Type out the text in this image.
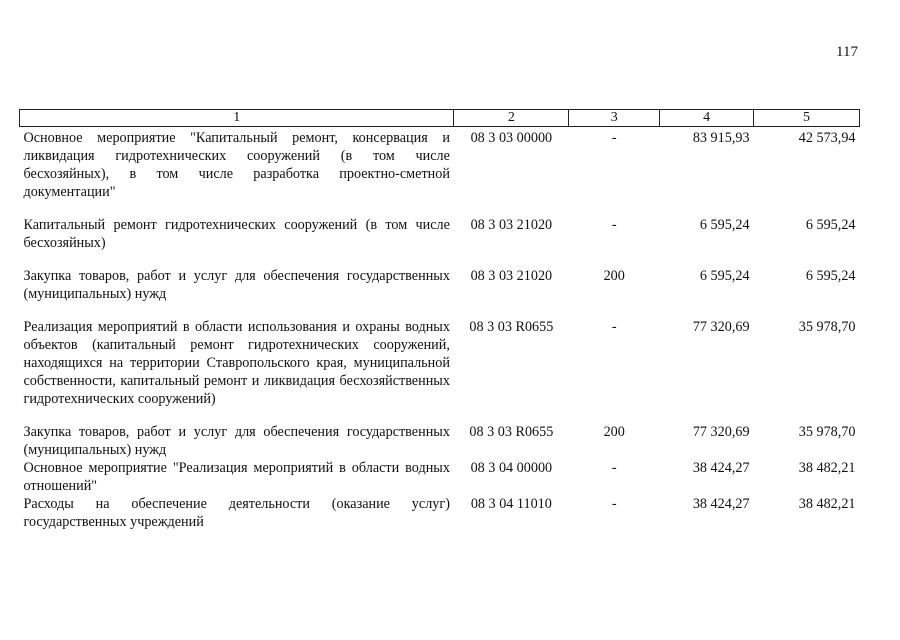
117
1	2	3	4	5
Основное мероприятие "Капитальный ремонт, консервация и ликвидация гидротехнических сооружений (в том числе бесхозяйных), в том числе разработка проектно-сметной документации"	08 3 03 00000	-	83 915,93	42 573,94
Капитальный ремонт гидротехнических сооружений (в том числе бесхозяйных)	08 3 03 21020	-	6 595,24	6 595,24
Закупка товаров, работ и услуг для обеспечения государственных (муниципальных) нужд	08 3 03 21020	200	6 595,24	6 595,24
Реализация мероприятий в области использования и охраны водных объектов (капитальный ремонт гидротехнических сооружений, находящихся на территории Ставропольского края, муниципальной собственности, капитальный ремонт и ликвидация бесхозяйственных гидротехнических сооружений)	08 3 03 R0655	-	77 320,69	35 978,70
Закупка товаров, работ и услуг для обеспечения государственных (муниципальных) нужд	08 3 03 R0655	200	77 320,69	35 978,70
Основное мероприятие "Реализация мероприятий в области водных отношений"	08 3 04 00000	-	38 424,27	38 482,21
Расходы на обеспечение деятельности (оказание услуг) государственных учреждений	08 3 04 11010	-	38 424,27	38 482,21
